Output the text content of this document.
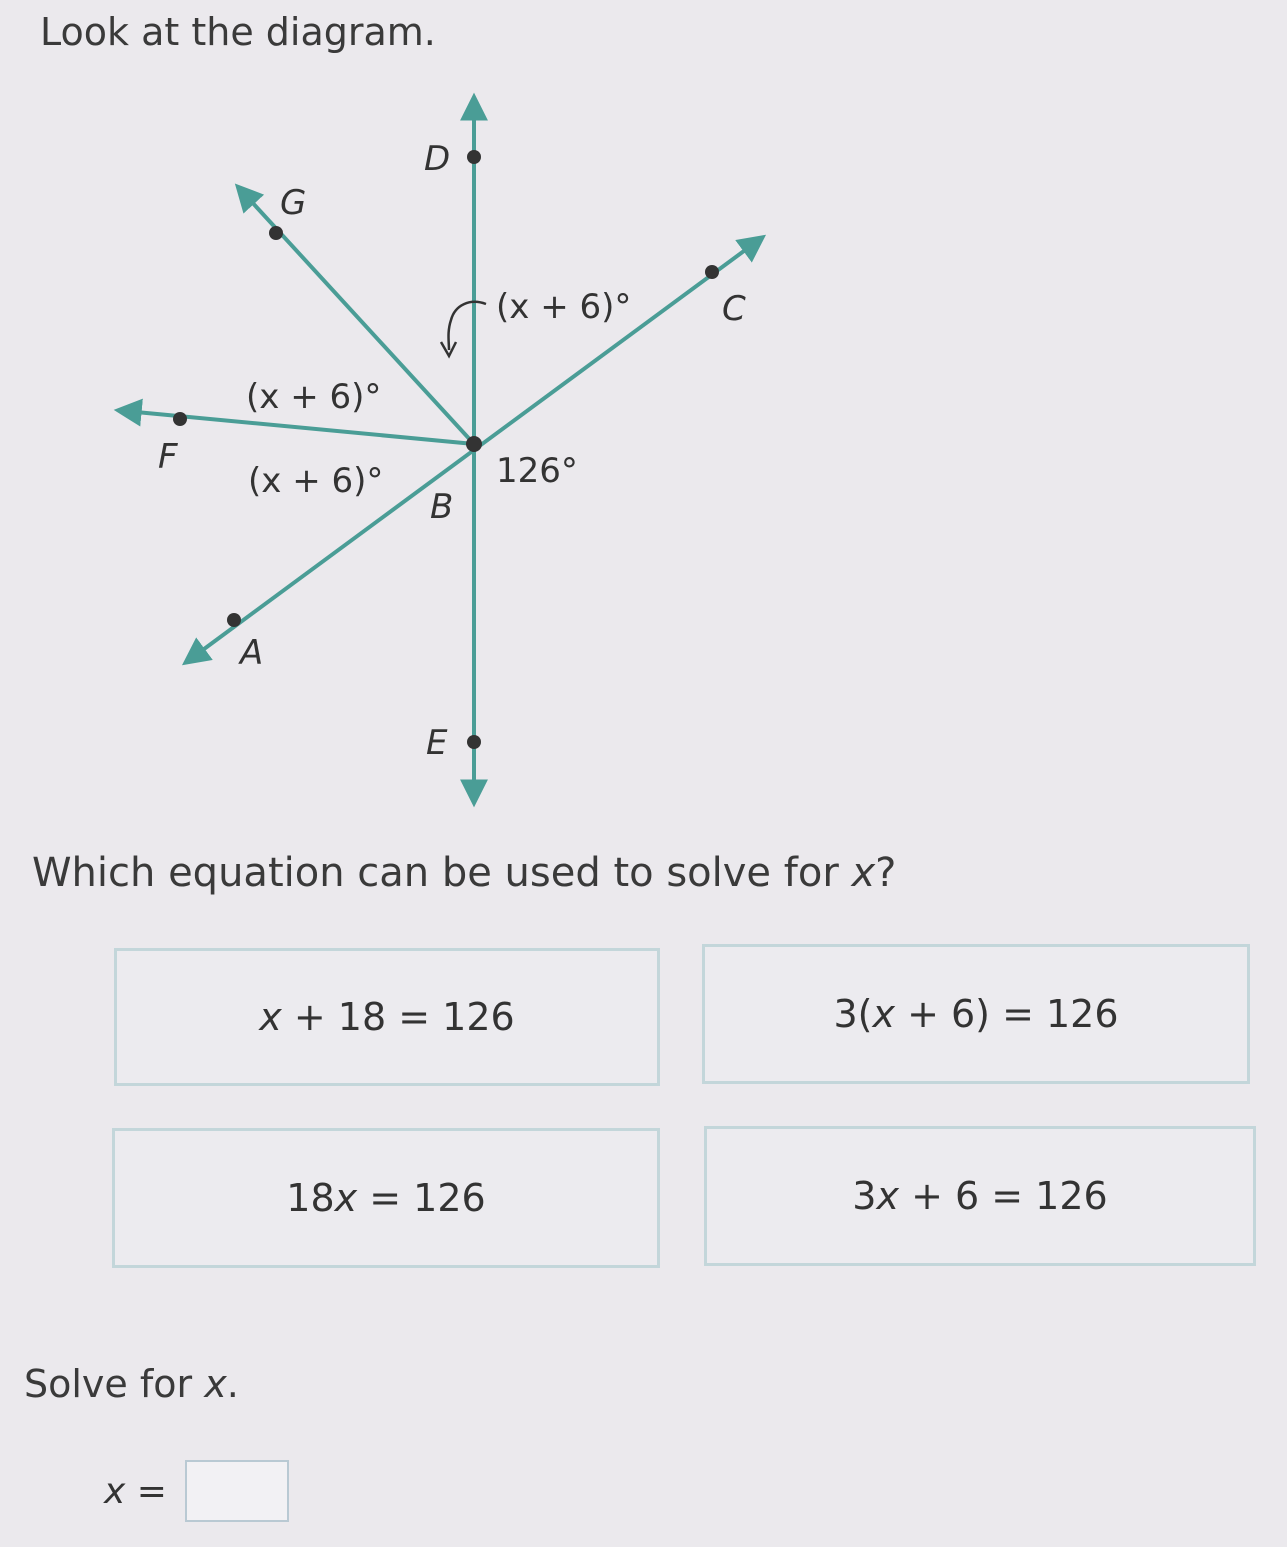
Look at the diagram.
D
G
C
F
B
A
E
(x + 6)°
(x + 6)°
(x + 6)°	126°
Which equation can be used to solve for x?
x + 18 = 126	3( x + 6) = 126
18 x = 126	3 x + 6 = 126
Solve for x.
x =
